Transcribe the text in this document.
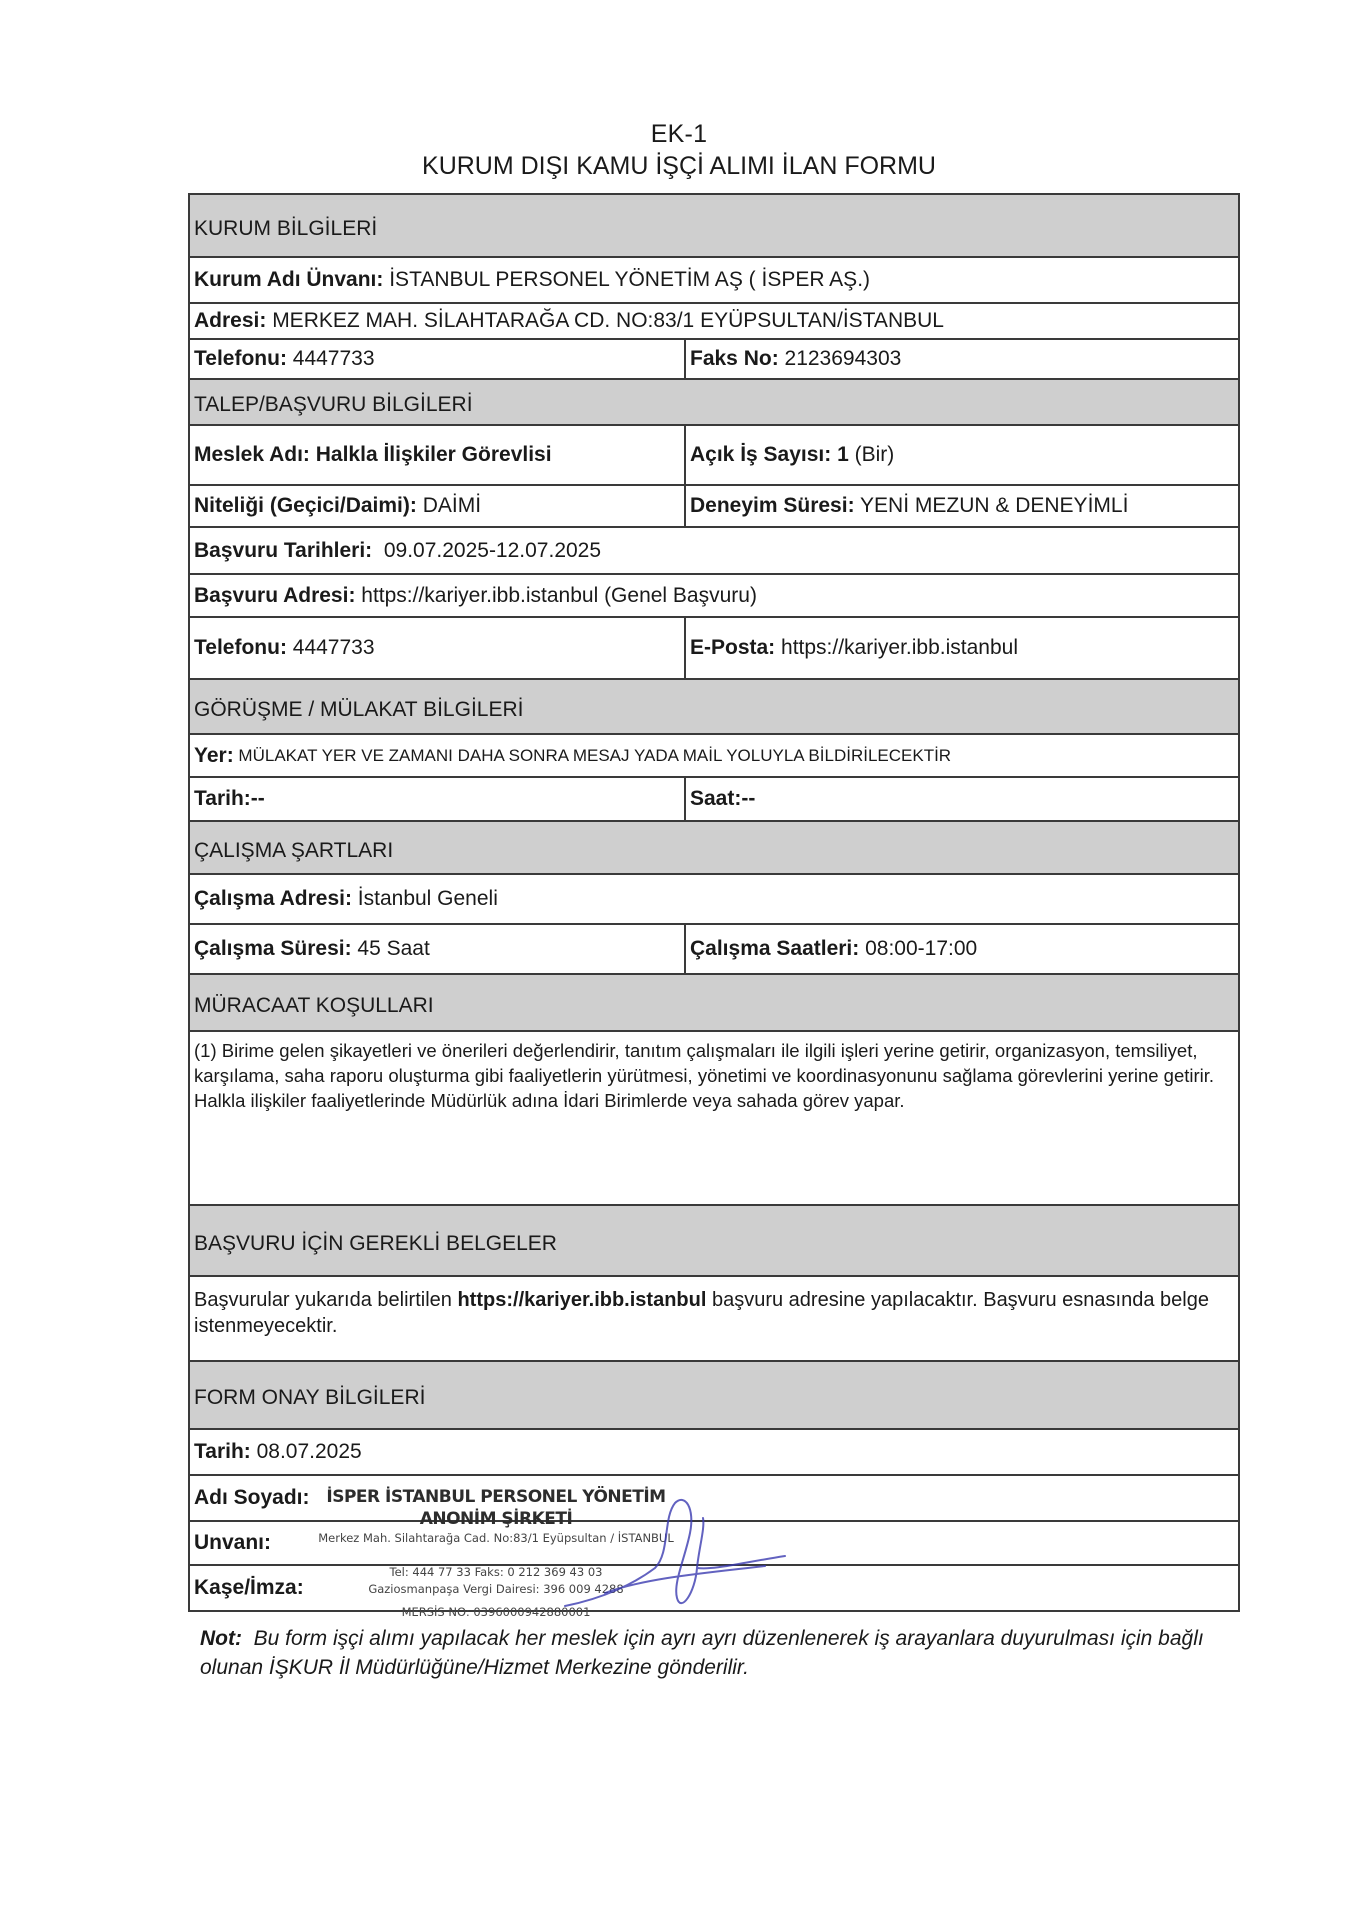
EK-1
KURUM DIŞI KAMU İŞÇİ ALIMI İLAN FORMU
KURUM BİLGİLERİ
Kurum Adı Ünvanı: İSTANBUL PERSONEL YÖNETİM AŞ ( İSPER AŞ.)
Adresi: MERKEZ MAH. SİLAHTARAĞA CD. NO:83/1 EYÜPSULTAN/İSTANBUL
Telefonu: 4447733	Faks No: 2123694303
TALEP/BAŞVURU BİLGİLERİ
Meslek Adı: Halkla İlişkiler Görevlisi	Açık İş Sayısı: 1 (Bir)
Niteliği (Geçici/Daimi): DAİMİ	Deneyim Süresi: YENİ MEZUN & DENEYİMLİ
Başvuru Tarihleri: 09.07.2025-12.07.2025
Başvuru Adresi: https://kariyer.ibb.istanbul (Genel Başvuru)
Telefonu: 4447733	E-Posta: https://kariyer.ibb.istanbul
GÖRÜŞME / MÜLAKAT BİLGİLERİ
Yer: MÜLAKAT YER VE ZAMANI DAHA SONRA MESAJ YADA MAİL YOLUYLA BİLDİRİLECEKTİR
Tarih:--	Saat:--
ÇALIŞMA ŞARTLARI
Çalışma Adresi: İstanbul Geneli
Çalışma Süresi: 45 Saat	Çalışma Saatleri: 08:00-17:00
MÜRACAAT KOŞULLARI
(1) Birime gelen şikayetleri ve önerileri değerlendirir, tanıtım çalışmaları ile ilgili işleri yerine getirir, organizasyon, temsiliyet, karşılama, saha raporu oluşturma gibi faaliyetlerin yürütmesi, yönetimi ve koordinasyonunu sağlama görevlerini yerine getirir. Halkla ilişkiler faaliyetlerinde Müdürlük adına İdari Birimlerde veya sahada görev yapar.
BAŞVURU İÇİN GEREKLİ BELGELER
Başvurular yukarıda belirtilen https://kariyer.ibb.istanbul başvuru adresine yapılacaktır. Başvuru esnasında belge istenmeyecektir.
FORM ONAY BİLGİLERİ
Tarih: 08.07.2025
Adı Soyadı:
Unvanı:
Kaşe/İmza:
İSPER İSTANBUL PERSONEL YÖNETİM ANONİM ŞİRKETİ
Merkez Mah. Silahtarağa Cad. No:83/1 Eyüpsultan / İSTANBUL
Tel: 444 77 33 Faks: 0 212 369 43 03
Gaziosmanpaşa Vergi Dairesi: 396 009 4288
MERSİS NO: 0396000942880001
Not:  Bu form işçi alımı yapılacak her meslek için ayrı ayrı düzenlenerek iş arayanlara duyurulması için bağlı olunan İŞKUR İl Müdürlüğüne/Hizmet Merkezine gönderilir.
